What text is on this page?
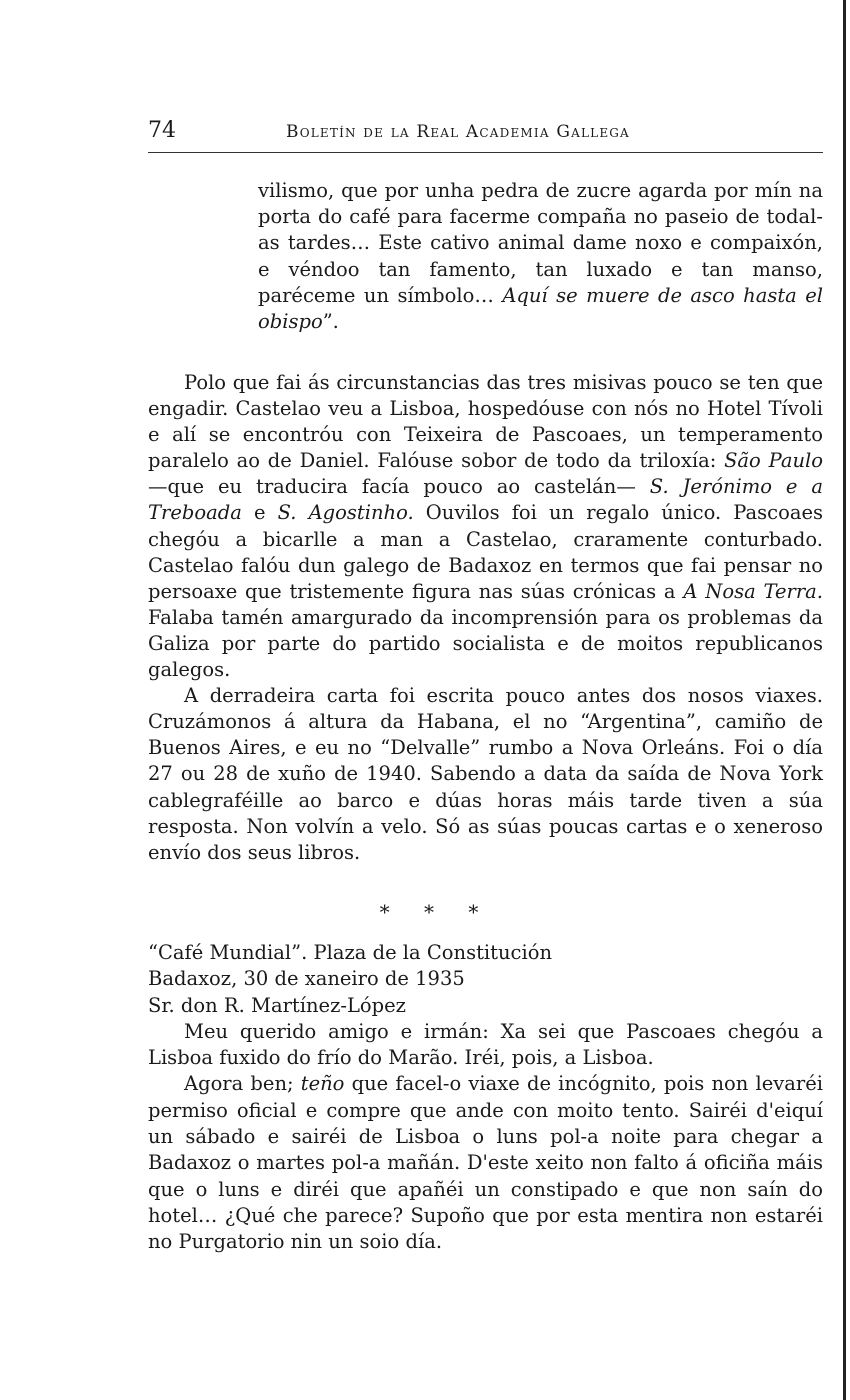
74	Boletín de la Real Academia Gallega
vilismo, que por unha pedra de zucre agarda por mín na porta do café para facerme compaña no paseio de todal-as tardes… Este cativo animal dame noxo e compaixón, e véndoo tan famento, tan luxado e tan manso, paréceme un símbolo… Aquí se muere de asco hasta el obispo”.

Polo que fai ás circunstancias das tres misivas pouco se ten que engadir. Castelao veu a Lisboa, hospedóuse con nós no Hotel Tívoli e alí se encontróu con Teixeira de Pascoaes, un temperamento paralelo ao de Daniel. Falóuse sobor de todo da triloxía: São Paulo —que eu traducira facía pouco ao castelán— S. Jerónimo e a Treboada e S. Agostinho. Ouvilos foi un regalo único. Pascoaes chegóu a bicarlle a man a Castelao, craramente conturbado. Castelao falóu dun galego de Badaxoz en termos que fai pensar no persoaxe que tristemente figura nas súas crónicas a A Nosa Terra. Falaba tamén amargurado da incomprensión para os problemas da Galiza por parte do partido socialista e de moitos republicanos galegos.

A derradeira carta foi escrita pouco antes dos nosos viaxes. Cruzámonos á altura da Habana, el no “Argentina”, camiño de Buenos Aires, e eu no “Delvalle” rumbo a Nova Orleáns. Foi o día 27 ou 28 de xuño de 1940. Sabendo a data da saída de Nova York cablegraféille ao barco e dúas horas máis tarde tiven a súa resposta. Non volvín a velo. Só as súas poucas cartas e o xeneroso envío dos seus libros.

* * *
“Café Mundial”. Plaza de la Constitución
Badaxoz, 30 de xaneiro de 1935
Sr. don R. Martínez-López

Meu querido amigo e irmán: Xa sei que Pascoaes chegóu a Lisboa fuxido do frío do Marão. Iréi, pois, a Lisboa.

Agora ben; teño que facel-o viaxe de incógnito, pois non levaréi permiso oficial e compre que ande con moito tento. Sairéi d'eiquí un sábado e sairéi de Lisboa o luns pol-a noite para chegar a Badaxoz o martes pol-a mañán. D'este xeito non falto á oficiña máis que o luns e diréi que apañéi un constipado e que non saín do hotel… ¿Qué che parece? Supoño que por esta mentira non estaréi no Purgatorio nin un soio día.
